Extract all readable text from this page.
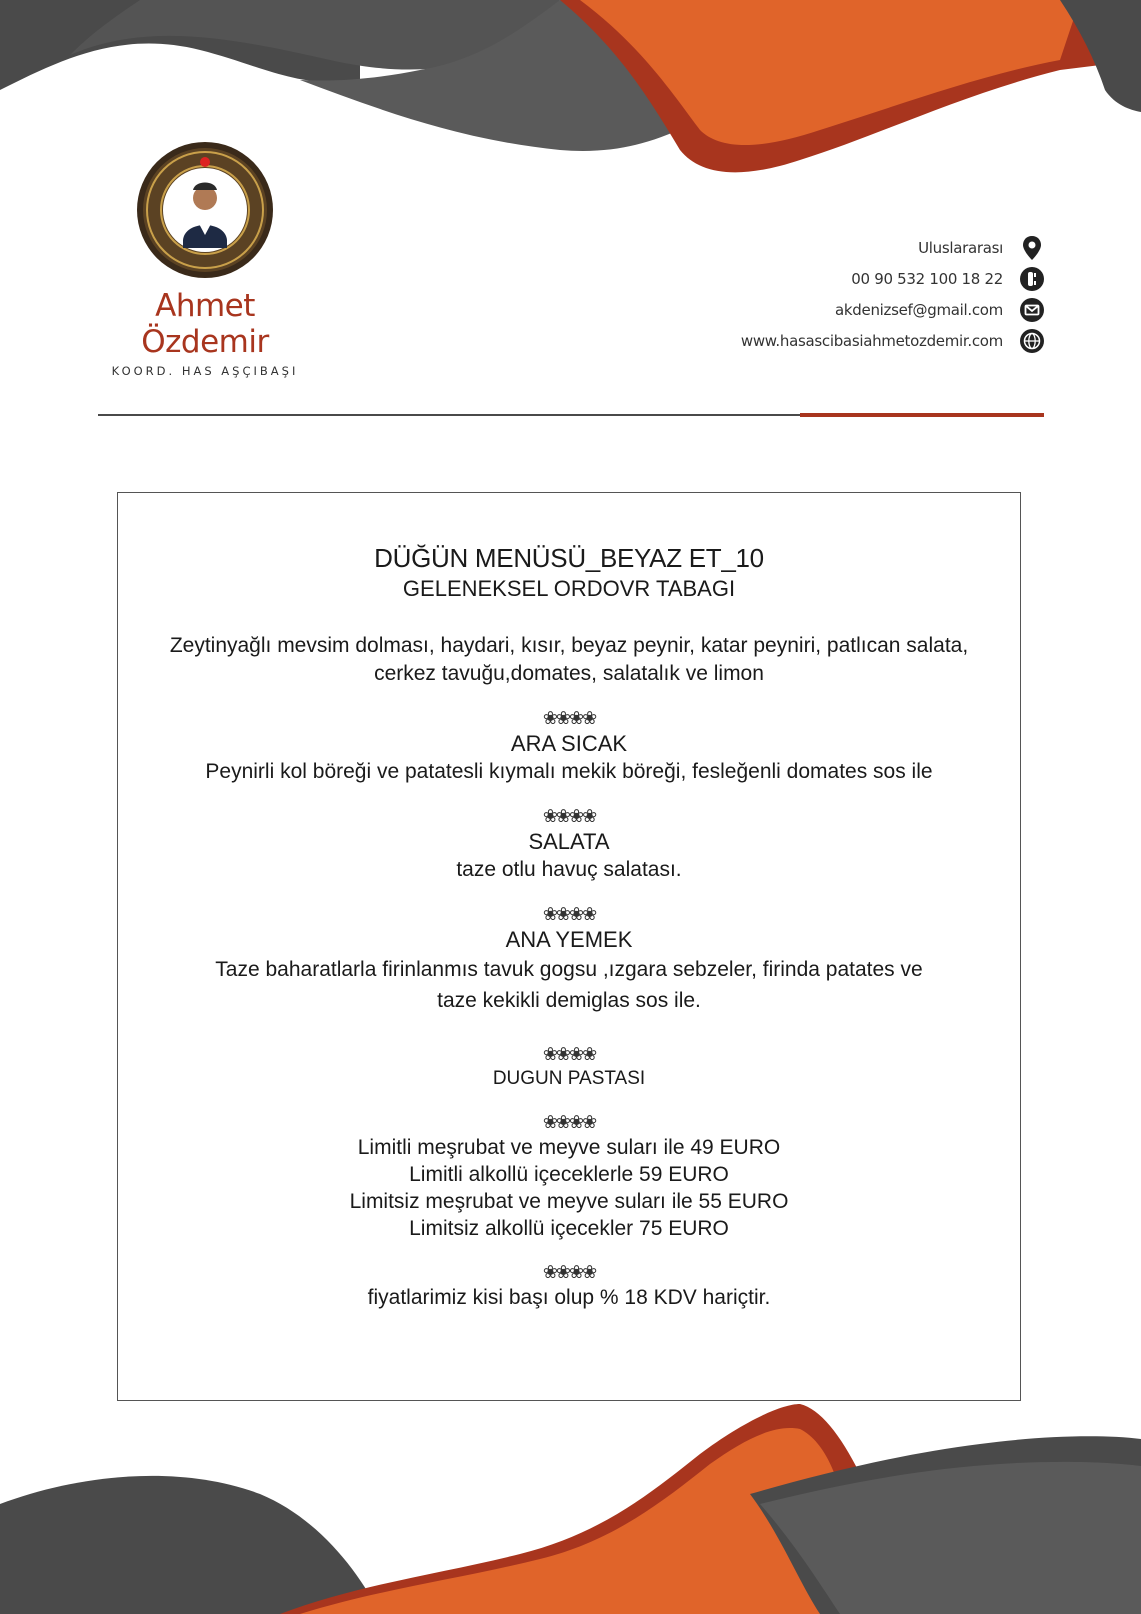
Ahmet Özdemir
KOORD. HAS AŞÇIBAŞI
Uluslararası
00 90 532 100 18 22
akdenizsef@gmail.com
www.hasascibasiahmetozdemir.com
DÜĞÜN MENÜSÜ_BEYAZ ET_10
GELENEKSEL ORDOVR TABAGI
Zeytinyağlı mevsim dolması, haydari, kısır, beyaz peynir, katar peyniri, patlıcan salata,
cerkez tavuğu,domates, salatalık ve limon
❀❀❀❀
ARA SICAK
Peynirli kol böreği ve patatesli kıymalı mekik böreği, fesleğenli domates sos ile
❀❀❀❀
SALATA
taze otlu havuç salatası.
❀❀❀❀
ANA YEMEK
Taze baharatlarla firinlanmıs tavuk gogsu ,ızgara sebzeler, firinda patates ve
taze kekikli demiglas sos ile.
❀❀❀❀
DUGUN PASTASI
❀❀❀❀
Limitli meşrubat ve meyve suları ile 49 EURO
Limitli alkollü içeceklerle 59 EURO
Limitsiz meşrubat ve meyve suları ile 55 EURO
Limitsiz alkollü içecekler 75 EURO
❀❀❀❀
fiyatlarimiz kisi başı olup % 18 KDV hariçtir.
